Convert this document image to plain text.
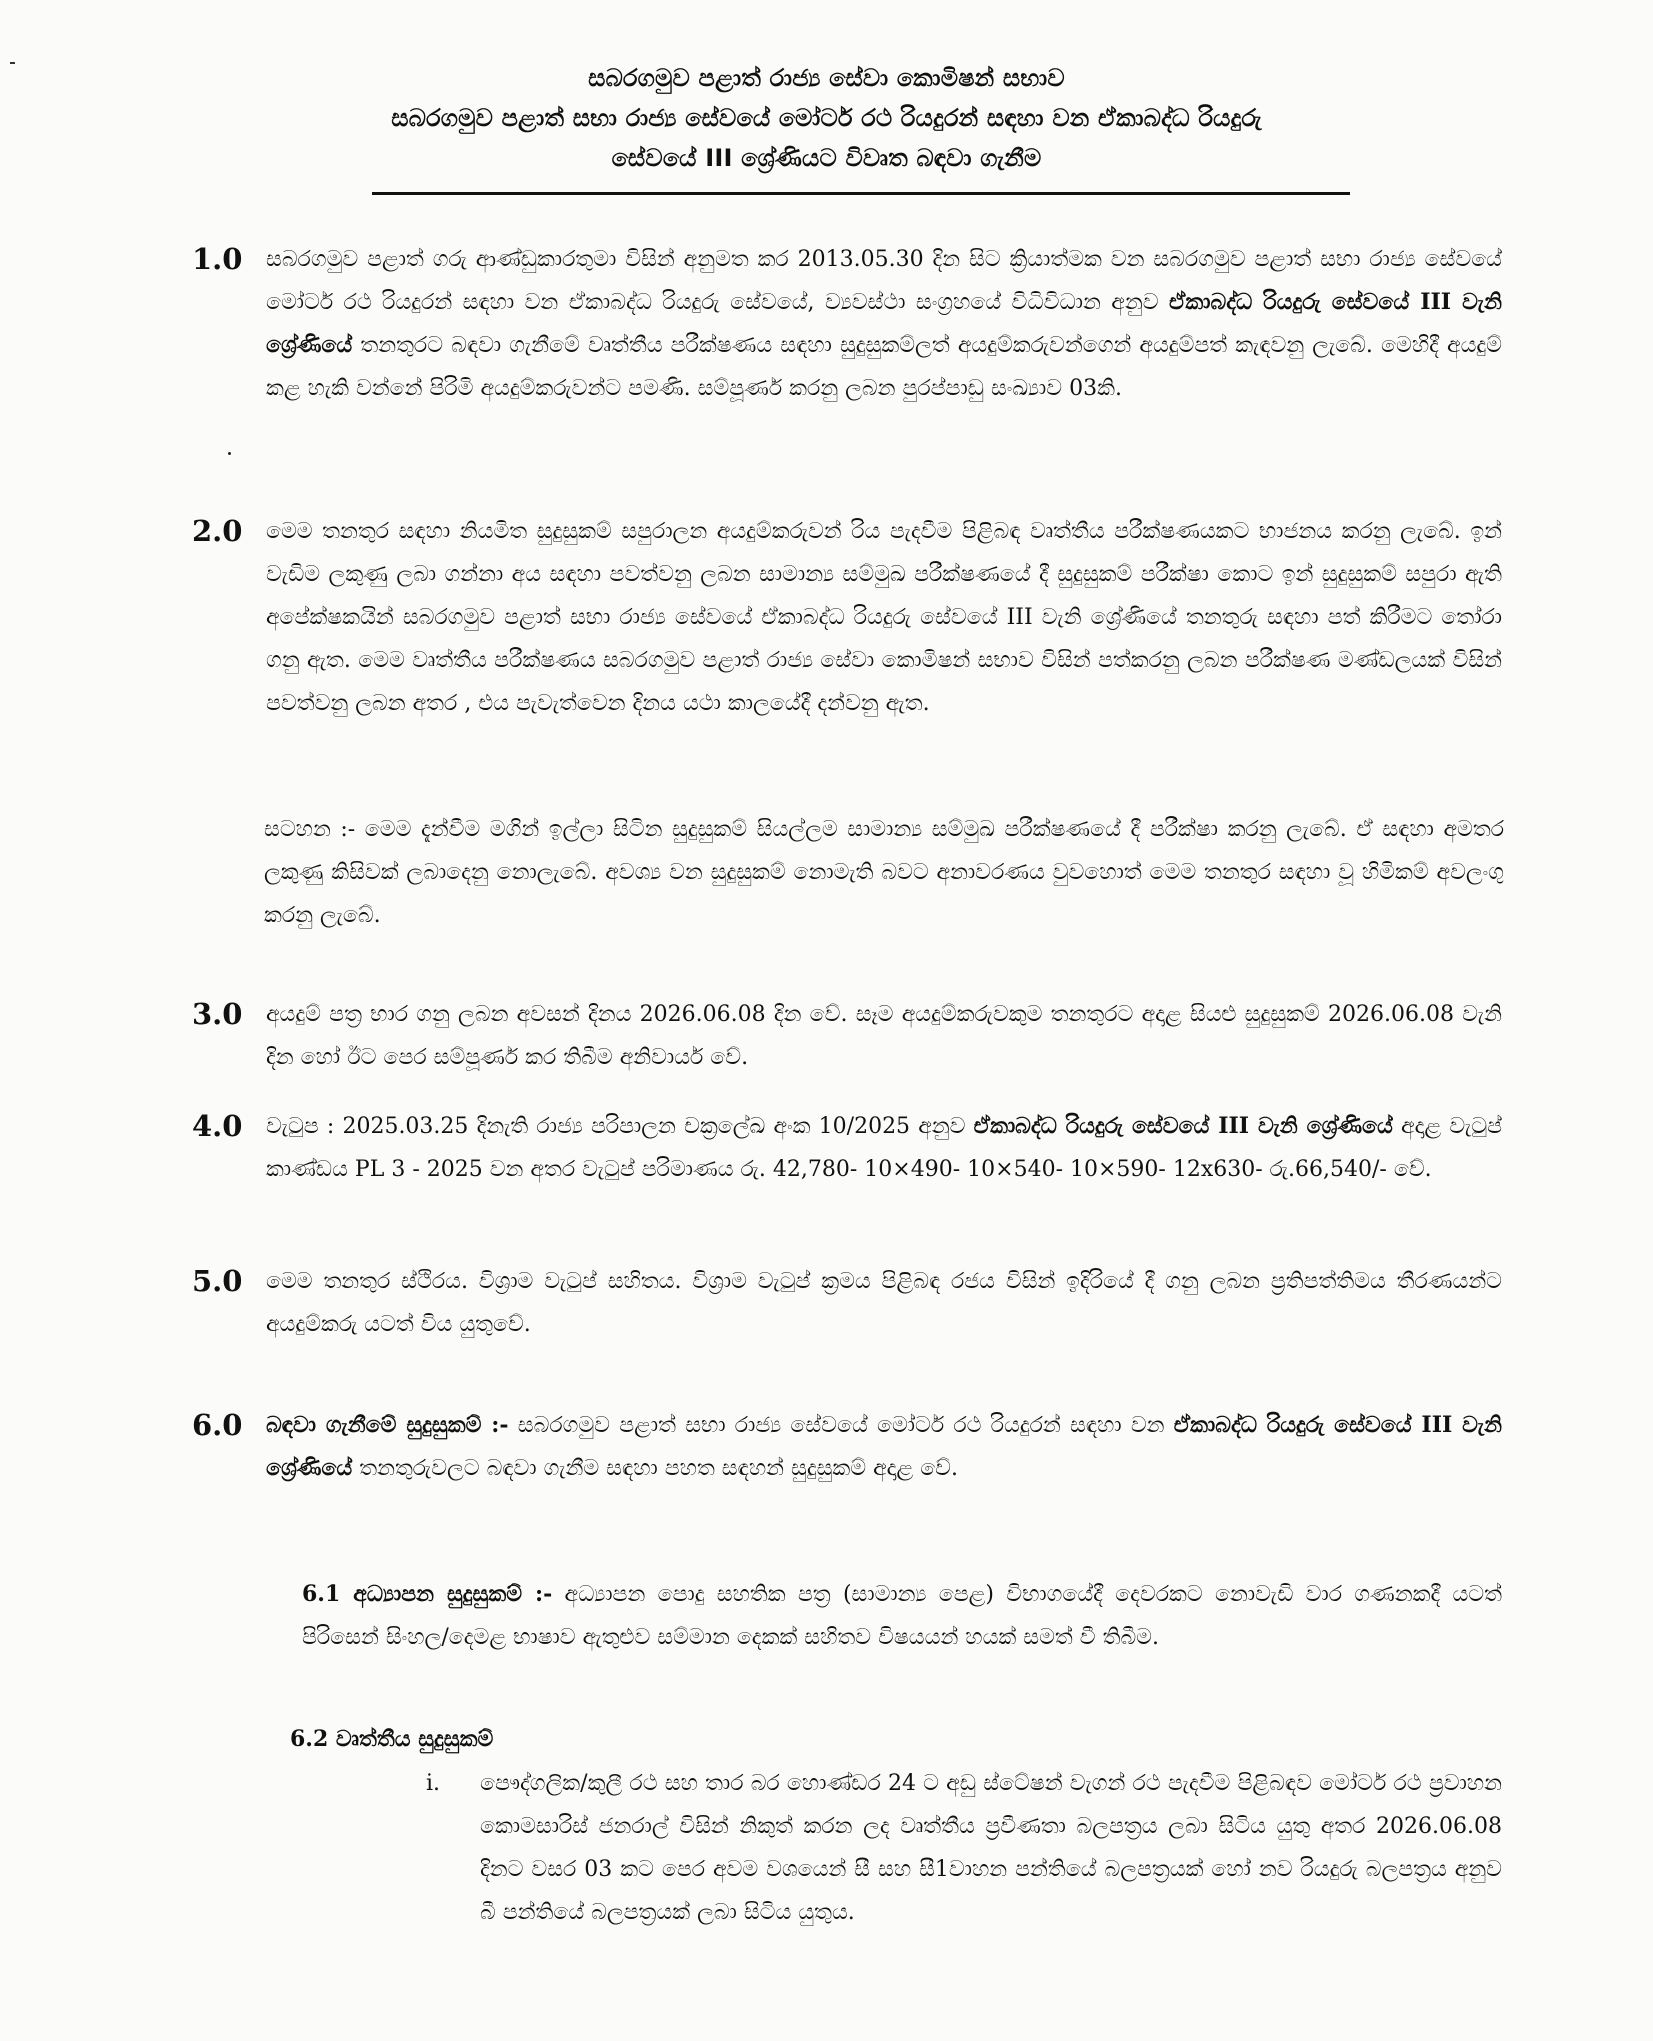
සබරගමුව පළාත් රාජ්‍ය සේවා කොමිෂන් සභාව
සබරගමුව පළාත් සභා රාජ්‍ය සේවයේ මෝටර් රථ රියදුරන් සඳහා වන ඒකාබද්ධ රියදුරු
සේවයේ III ශ්‍රේණියට විවෘත බඳවා ගැනීම
1.0	සබරගමුව පළාත් ගරු ආණ්ඩුකාරතුමා විසින් අනුමත කර 2013.05.30 දින සිට ක්‍රියාත්මක වන සබරගමුව පළාත් සභා රාජ්‍ය සේවයේ මෝටර් රථ රියදුරන් සඳහා වන ඒකාබද්ධ රියදුරු සේවයේ, ව්‍යවස්ථා සංග්‍රහයේ විධිවිධාන අනුව ඒකාබද්ධ රියදුරු සේවයේ III වැනි ශ්‍රේණියේ තනතුරට බඳවා ගැනීමේ වෘත්තීය පරීක්ෂණය සඳහා සුදුසුකම්ලත් අයදුම්කරුවන්ගෙන් අයදුම්පත් කැඳවනු ලැබේ. මෙහිදී අයදුම් කළ හැකි වන්නේ පිරිමි අයදුම්කරුවන්ට පමණි. සම්පූර්ණ කරනු ලබන පුරප්පාඩු සංඛ්‍යාව 03කි.
2.0	මෙම තනතුර සඳහා නියමිත සුදුසුකම් සපුරාලන අයදුම්කරුවන් රිය පැදවීම පිළිබඳ වෘත්තීය පරීක්ෂණයකට භාජනය කරනු ලැබේ. ඉන් වැඩිම ලකුණු ලබා ගන්නා අය සඳහා පවත්වනු ලබන සාමාන්‍ය සම්මුඛ පරීක්ෂණයේ දී සුදුසුකම් පරීක්ෂා කොට ඉන් සුදුසුකම් සපුරා ඇති අපේක්ෂකයින් සබරගමුව පළාත් සභා රාජ්‍ය සේවයේ ඒකාබද්ධ රියදුරු සේවයේ III වැනි ශ්‍රේණියේ තනතුරු සඳහා පත් කිරීමට තෝරා ගනු ඇත. මෙම වෘත්තීය පරීක්ෂණය සබරගමුව පළාත් රාජ්‍ය සේවා කොමිෂන් සභාව විසින් පත්කරනු ලබන පරීක්ෂණ මණ්ඩලයක් විසින් පවත්වනු ලබන අතර , එය පැවැත්වෙන දිනය යථා කාලයේදී දන්වනු ඇත.
සටහන :- මෙම දැන්වීම මගින් ඉල්ලා සිටින සුදුසුකම් සියල්ලම සාමාන්‍ය සම්මුඛ පරීක්ෂණයේ දී පරීක්ෂා කරනු ලැබේ. ඒ සඳහා අමතර ලකුණු කිසිවක් ලබාදෙනු නොලැබේ. අවශ්‍ය වන සුදුසුකම් නොමැති බවට අනාවරණය වුවහොත් මෙම තනතුර සඳහා වූ හිමිකම් අවලංගු කරනු ලැබේ.
3.0	අයදුම් පත්‍ර භාර ගනු ලබන අවසන් දිනය 2026.06.08 දින වේ. සෑම අයදුම්කරුවකුම තනතුරට අදාළ සියළු සුදුසුකම් 2026.06.08 වැනි දින හෝ ඊට පෙර සම්පූර්ණ කර තිබීම අනිවාර්ය වේ.
4.0	වැටුප : 2025.03.25 දිනැති රාජ්‍ය පරිපාලන චක්‍රලේඛ අංක 10/2025 අනුව ඒකාබද්ධ රියදුරු සේවයේ III වැනි ශ්‍රේණියේ අදාළ වැටුප් කාණ්ඩය PL 3 - 2025 වන අතර වැටුප් පරිමාණය රු. 42,780- 10×490- 10×540- 10×590- 12x630- රු.66,540/- වේ.
5.0	මෙම තනතුර ස්ථිරය. විශ්‍රාම වැටුප් සහිතය. විශ්‍රාම වැටුප් ක්‍රමය පිළිබඳ රජය විසින් ඉදිරියේ දී ගනු ලබන ප්‍රතිපත්තිමය තීරණයන්ට අයදුම්කරු යටත් විය යුතුවේ.
6.0	බඳවා ගැනීමේ සුදුසුකම් :- සබරගමුව පළාත් සභා රාජ්‍ය සේවයේ මෝටර් රථ රියදුරන් සඳහා වන ඒකාබද්ධ රියදුරු සේවයේ III වැනි ශ්‍රේණියේ තනතුරුවලට බඳවා ගැනීම සඳහා පහත සඳහන් සුදුසුකම් අදාළ වේ.
6.1 අධ්‍යාපන සුදුසුකම් :- අධ්‍යාපන පොදු සහතික පත්‍ර (සාමාන්‍ය පෙළ) විභාගයේදී දෙවරකට නොවැඩි වාර ගණනකදී යටත් පිරිසෙන් සිංහල/දෙමළ භාෂාව ඇතුළුව සම්මාන දෙකක් සහිතව විෂයයන් හයක් සමත් වී තිබීම.
6.2 වෘත්තීය සුදුසුකම්
i. පෞද්ගලික/කුලී රථ සහ තාර බර හොණ්ඩර 24 ට අඩු ස්ටේෂන් වැගන් රථ පැදවීම පිළිබඳව මෝටර් රථ ප්‍රවාහන කොමසාරිස් ජනරාල් විසින් නිකුත් කරන ලද වෘත්තීය ප්‍රවීණතා බලපත්‍රය ලබා සිටිය යුතු අතර 2026.06.08 දිනට වසර 03 කට පෙර අවම වශයෙන් සී සහ සී1වාහන පන්තියේ බලපත්‍රයක් හෝ නව රියදුරු බලපත්‍රය අනුව බී පන්තියේ බලපත්‍රයක් ලබා සිටිය යුතුය.
